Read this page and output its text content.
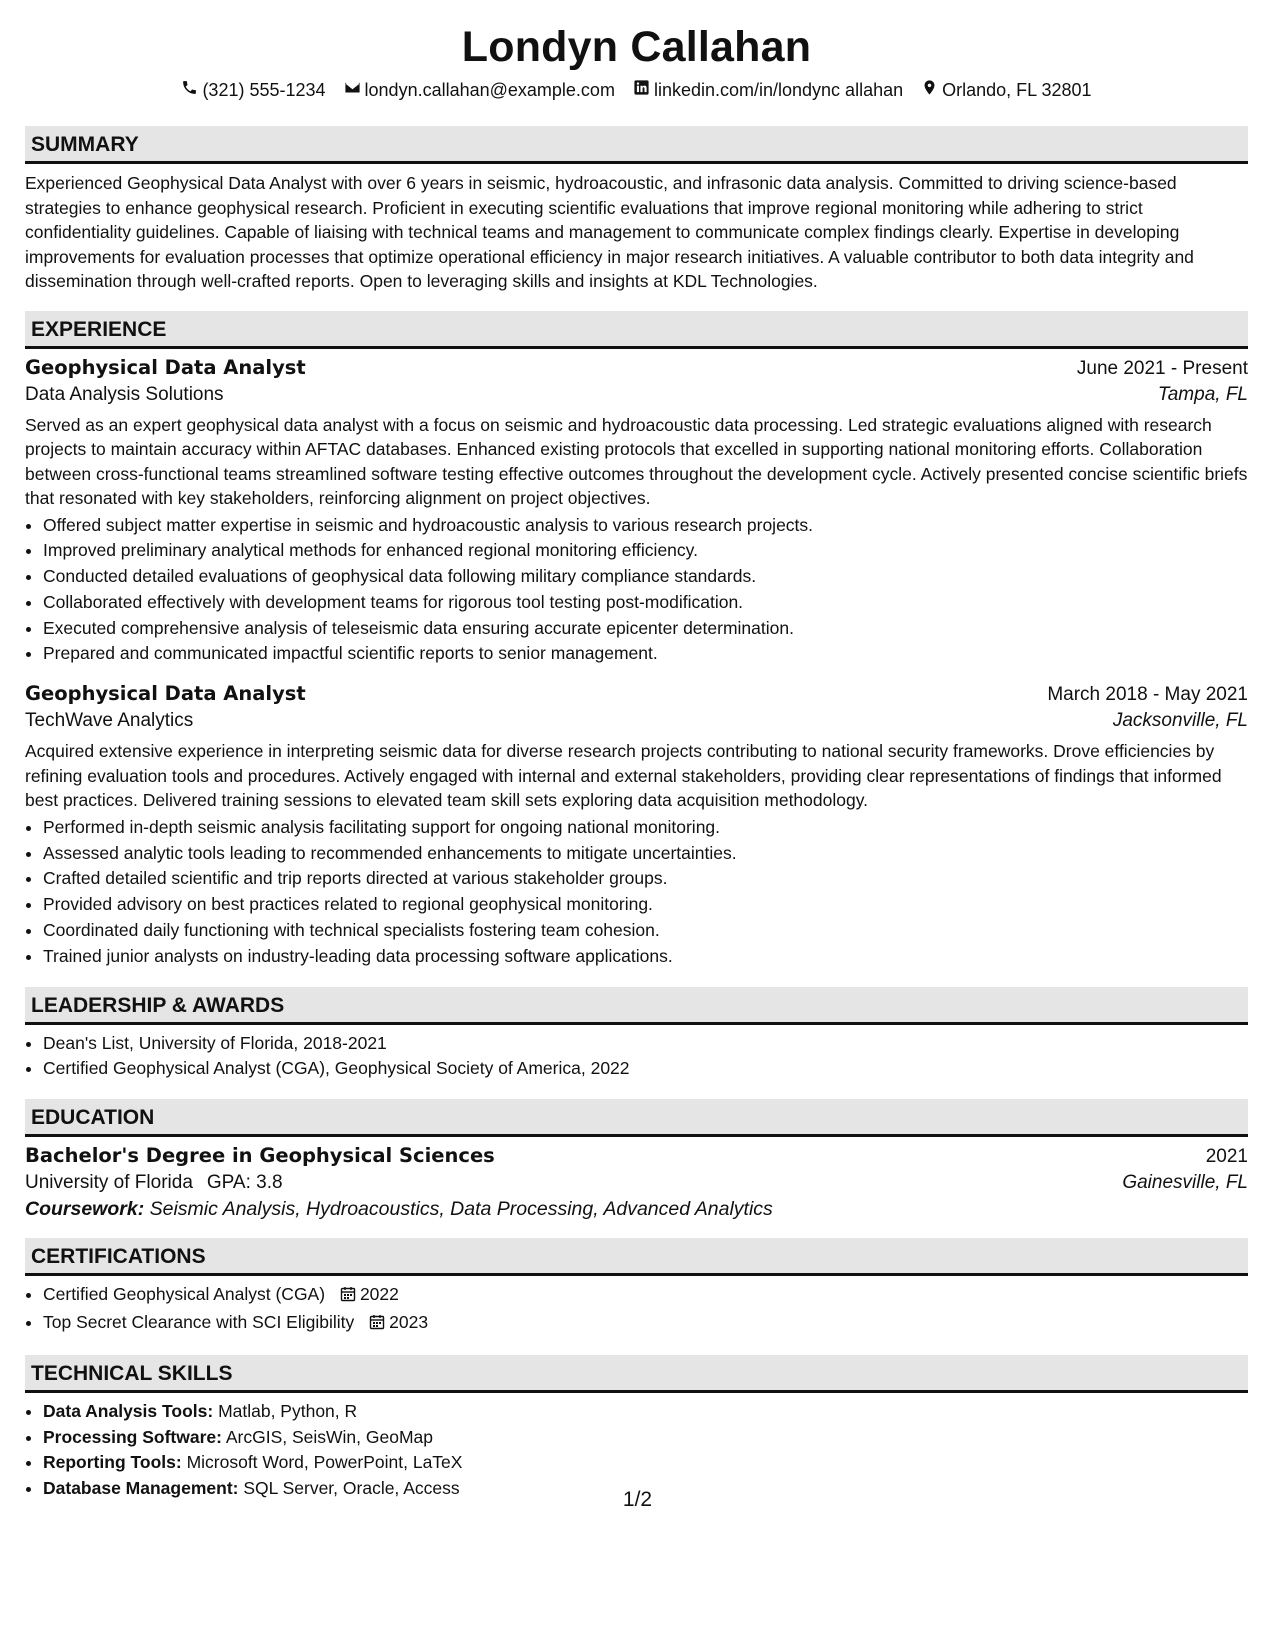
Londyn Callahan
(321) 555-1234 londyn.callahan@example.com linkedin.com/in/londync allahan Orlando, FL 32801
SUMMARY
Experienced Geophysical Data Analyst with over 6 years in seismic, hydroacoustic, and infrasonic data analysis. Committed to driving science-based strategies to enhance geophysical research. Proficient in executing scientific evaluations that improve regional monitoring while adhering to strict confidentiality guidelines. Capable of liaising with technical teams and management to communicate complex findings clearly. Expertise in developing improvements for evaluation processes that optimize operational efficiency in major research initiatives. A valuable contributor to both data integrity and dissemination through well-crafted reports. Open to leveraging skills and insights at KDL Technologies.
EXPERIENCE
Geophysical Data Analyst	June 2021 - Present
Data Analysis Solutions	Tampa, FL
Served as an expert geophysical data analyst with a focus on seismic and hydroacoustic data processing. Led strategic evaluations aligned with research projects to maintain accuracy within AFTAC databases. Enhanced existing protocols that excelled in supporting national monitoring efforts. Collaboration between cross-functional teams streamlined software testing effective outcomes throughout the development cycle. Actively presented concise scientific briefs that resonated with key stakeholders, reinforcing alignment on project objectives.
• Offered subject matter expertise in seismic and hydroacoustic analysis to various research projects.
• Improved preliminary analytical methods for enhanced regional monitoring efficiency.
• Conducted detailed evaluations of geophysical data following military compliance standards.
• Collaborated effectively with development teams for rigorous tool testing post-modification.
• Executed comprehensive analysis of teleseismic data ensuring accurate epicenter determination.
• Prepared and communicated impactful scientific reports to senior management.
Geophysical Data Analyst	March 2018 - May 2021
TechWave Analytics	Jacksonville, FL
Acquired extensive experience in interpreting seismic data for diverse research projects contributing to national security frameworks. Drove efficiencies by refining evaluation tools and procedures. Actively engaged with internal and external stakeholders, providing clear representations of findings that informed best practices. Delivered training sessions to elevated team skill sets exploring data acquisition methodology.
• Performed in-depth seismic analysis facilitating support for ongoing national monitoring.
• Assessed analytic tools leading to recommended enhancements to mitigate uncertainties.
• Crafted detailed scientific and trip reports directed at various stakeholder groups.
• Provided advisory on best practices related to regional geophysical monitoring.
• Coordinated daily functioning with technical specialists fostering team cohesion.
• Trained junior analysts on industry-leading data processing software applications.
LEADERSHIP & AWARDS
• Dean's List, University of Florida, 2018-2021
• Certified Geophysical Analyst (CGA), Geophysical Society of America, 2022
EDUCATION
Bachelor's Degree in Geophysical Sciences	2021
University of Florida GPA: 3.8	Gainesville, FL
Coursework: Seismic Analysis, Hydroacoustics, Data Processing, Advanced Analytics
CERTIFICATIONS
• Certified Geophysical Analyst (CGA) 2022
• Top Secret Clearance with SCI Eligibility 2023
TECHNICAL SKILLS
• Data Analysis Tools: Matlab, Python, R
• Processing Software: ArcGIS, SeisWin, GeoMap
• Reporting Tools: Microsoft Word, PowerPoint, LaTeX
• Database Management: SQL Server, Oracle, Access	1/2
